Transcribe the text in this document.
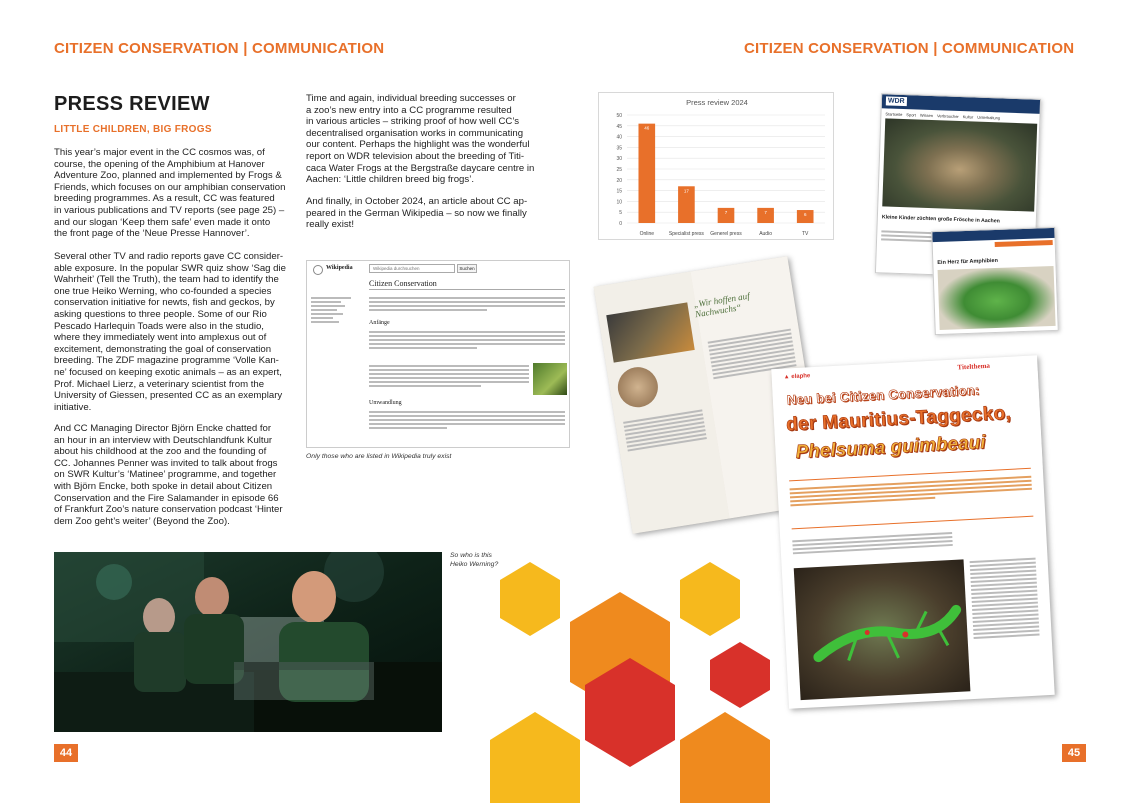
CITIZEN CONSERVATION | COMMUNICATION	CITIZEN CONSERVATION | COMMUNICATION
PRESS REVIEW
LITTLE CHILDREN, BIG FROGS
This year’s major event in the CC cosmos was, of
course, the opening of the Amphibium at Hanover
Adventure Zoo, planned and implemented by Frogs &
Friends, which focuses on our amphibian conservation
breeding programmes. As a result, CC was featured
in various publications and TV reports (see page 25) –
and our slogan ‘Keep them safe’ even made it onto
the front page of the ‘Neue Presse Hannover’.
Several other TV and radio reports gave CC consider-
able exposure. In the popular SWR quiz show ‘Sag die
Wahrheit’ (Tell the Truth), the team had to identify the
one true Heiko Werning, who co-founded a species
conservation initiative for newts, fish and geckos, by
asking questions to three people. Some of our Rio
Pescado Harlequin Toads were also in the studio,
where they immediately went into amplexus out of
excitement, demonstrating the goal of conservation
breeding. The ZDF magazine programme ‘Volle Kan-
ne’ focused on keeping exotic animals – as an expert,
Prof. Michael Lierz, a veterinary scientist from the
University of Giessen, presented CC as an exemplary
initiative.
And CC Managing Director Björn Encke chatted for
an hour in an interview with Deutschlandfunk Kultur
about his childhood at the zoo and the founding of
CC. Johannes Penner was invited to talk about frogs
on SWR Kultur’s ‘Matinee’ programme, and together
with Björn Encke, both spoke in detail about Citizen
Conservation and the Fire Salamander in episode 66
of Frankfurt Zoo’s nature conservation podcast ‘Hinter
dem Zoo geht’s weiter’ (Beyond the Zoo).
Time and again, individual breeding successes or
a zoo’s new entry into a CC programme resulted
in various articles – striking proof of how well CC’s
decentralised organisation works in communicating
our content. Perhaps the highlight was the wonderful
report on WDR television about the breeding of Titi-
caca Water Frogs at the Bergstraße daycare centre in
Aachen: ‘Little children breed big frogs’.
And finally, in October 2024, an article about CC ap-
peared in the German Wikipedia – so now we finally
really exist!
Wikipedia	Wikipedia durchsuchen	Suchen
Citizen Conservation
Anfänge
Umwandlung
Only those who are listed in Wikipedia truly exist
So who is this
Heiko Werning?
44	45
Press review 2024
0
5
10
15
20
25
30
35
40
45
50
46
Online
17
Specialist press
7
Generel press
7
Audio
6
TV
WDR
Startseite Sport Wissen Verbraucher Kultur Unterhaltung
Kleine Kinder züchten große Frösche in Aachen
Ein Herz für Amphibien
„Wir hoffen auf
Nachwuchs“
▲ elaphe
Titelthema
Neu bei Citizen Conservation:
der Mauritius-Taggecko,
Phelsuma guimbeaui
